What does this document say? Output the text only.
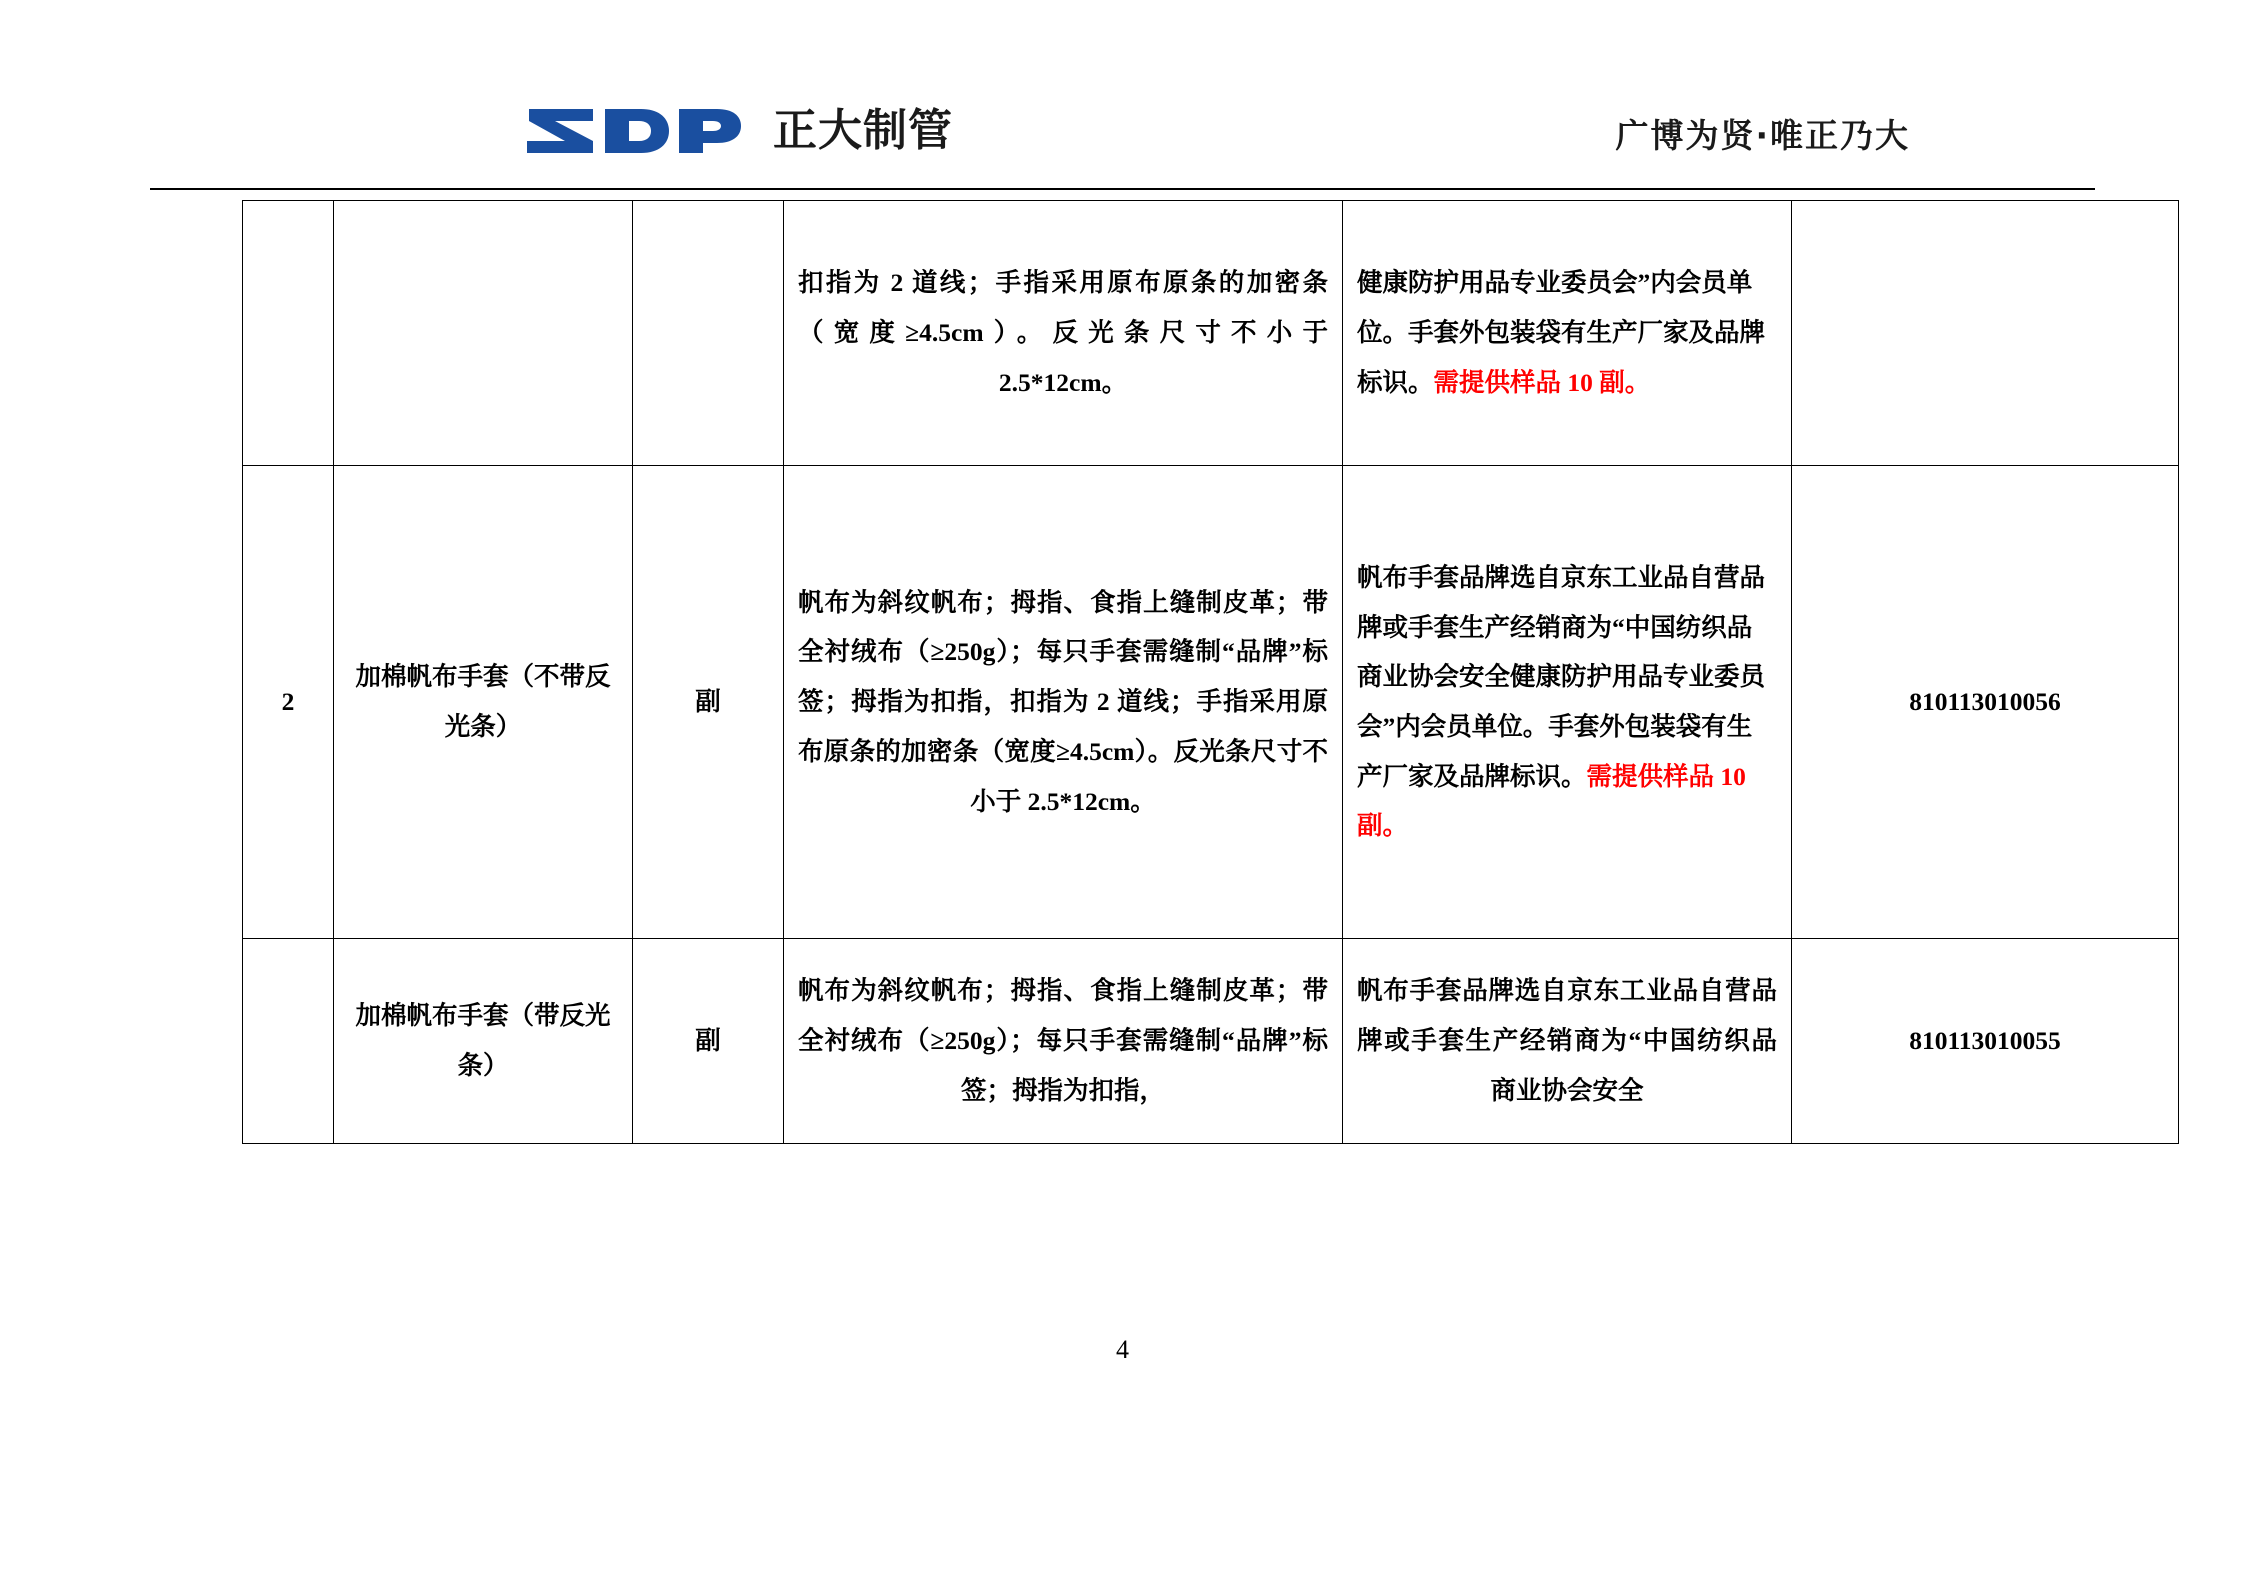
正大制管	广博为贤·唯正乃大
			扣指为 2 道线；手指采用原布原条的加密条（宽度≥4.5cm）。反光条尺寸不小于 2.5*12cm。	健康防护用品专业委员会”内会员单位。手套外包装袋有生产厂家及品牌标识。需提供样品 10 副。	
2	加棉帆布手套（不带反光条）	副	帆布为斜纹帆布；拇指、食指上缝制皮革；带全衬绒布（≥250g）；每只手套需缝制“品牌”标签；拇指为扣指，扣指为 2 道线；手指采用原布原条的加密条（宽度≥4.5cm）。反光条尺寸不小于 2.5*12cm。	帆布手套品牌选自京东工业品自营品牌或手套生产经销商为“中国纺织品商业协会安全健康防护用品专业委员会”内会员单位。手套外包装袋有生产厂家及品牌标识。需提供样品 10 副。	810113010056
	加棉帆布手套（带反光条）	副	帆布为斜纹帆布；拇指、食指上缝制皮革；带全衬绒布（≥250g）；每只手套需缝制“品牌”标签；拇指为扣指，	帆布手套品牌选自京东工业品自营品牌或手套生产经销商为“中国纺织品商业协会安全	810113010055
4
